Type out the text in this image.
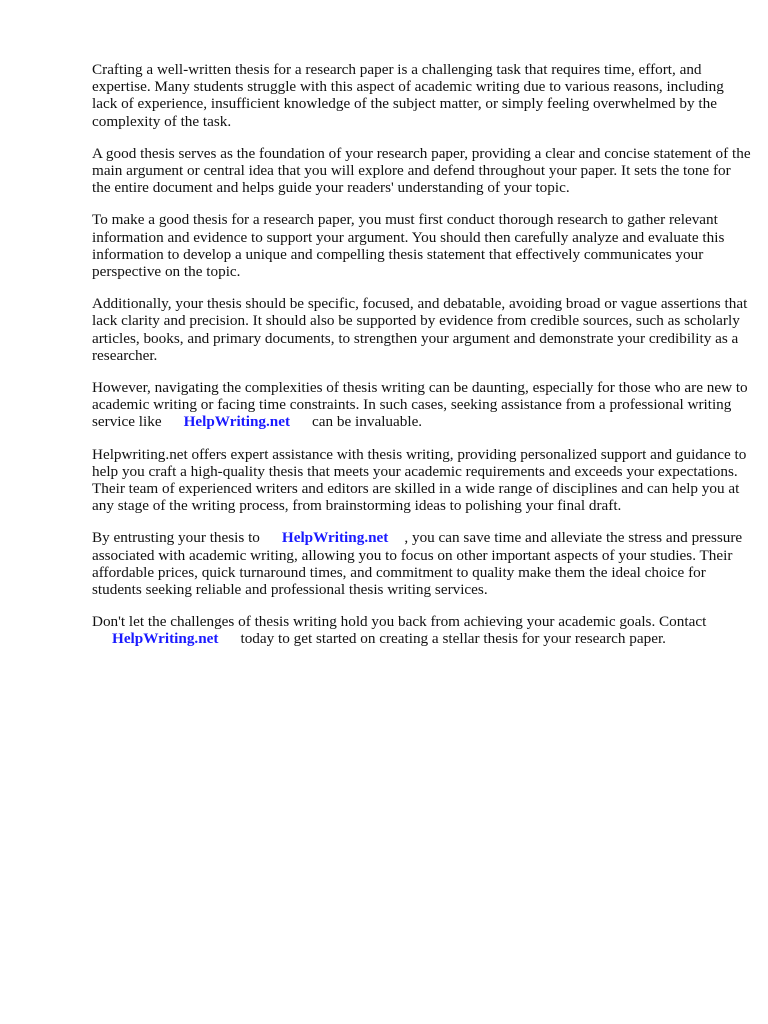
Crafting a well-written thesis for a research paper is a challenging task that requires time, effort, and expertise. Many students struggle with this aspect of academic writing due to various reasons, including lack of experience, insufficient knowledge of the subject matter, or simply feeling overwhelmed by the complexity of the task.

A good thesis serves as the foundation of your research paper, providing a clear and concise statement of the main argument or central idea that you will explore and defend throughout your paper. It sets the tone for the entire document and helps guide your readers' understanding of your topic.

To make a good thesis for a research paper, you must first conduct thorough research to gather relevant information and evidence to support your argument. You should then carefully analyze and evaluate this information to develop a unique and compelling thesis statement that effectively communicates your perspective on the topic.

Additionally, your thesis should be specific, focused, and debatable, avoiding broad or vague assertions that lack clarity and precision. It should also be supported by evidence from credible sources, such as scholarly articles, books, and primary documents, to strengthen your argument and demonstrate your credibility as a researcher.

However, navigating the complexities of thesis writing can be daunting, especially for those who are new to academic writing or facing time constraints. In such cases, seeking assistance from a professional writing service like HelpWriting.net can be invaluable.

Helpwriting.net offers expert assistance with thesis writing, providing personalized support and guidance to help you craft a high-quality thesis that meets your academic requirements and exceeds your expectations. Their team of experienced writers and editors are skilled in a wide range of disciplines and can help you at any stage of the writing process, from brainstorming ideas to polishing your final draft.

By entrusting your thesis to HelpWriting.net , you can save time and alleviate the stress and pressure associated with academic writing, allowing you to focus on other important aspects of your studies. Their affordable prices, quick turnaround times, and commitment to quality make them the ideal choice for students seeking reliable and professional thesis writing services.

Don't let the challenges of thesis writing hold you back from achieving your academic goals. Contact
HelpWriting.net today to get started on creating a stellar thesis for your research paper.
